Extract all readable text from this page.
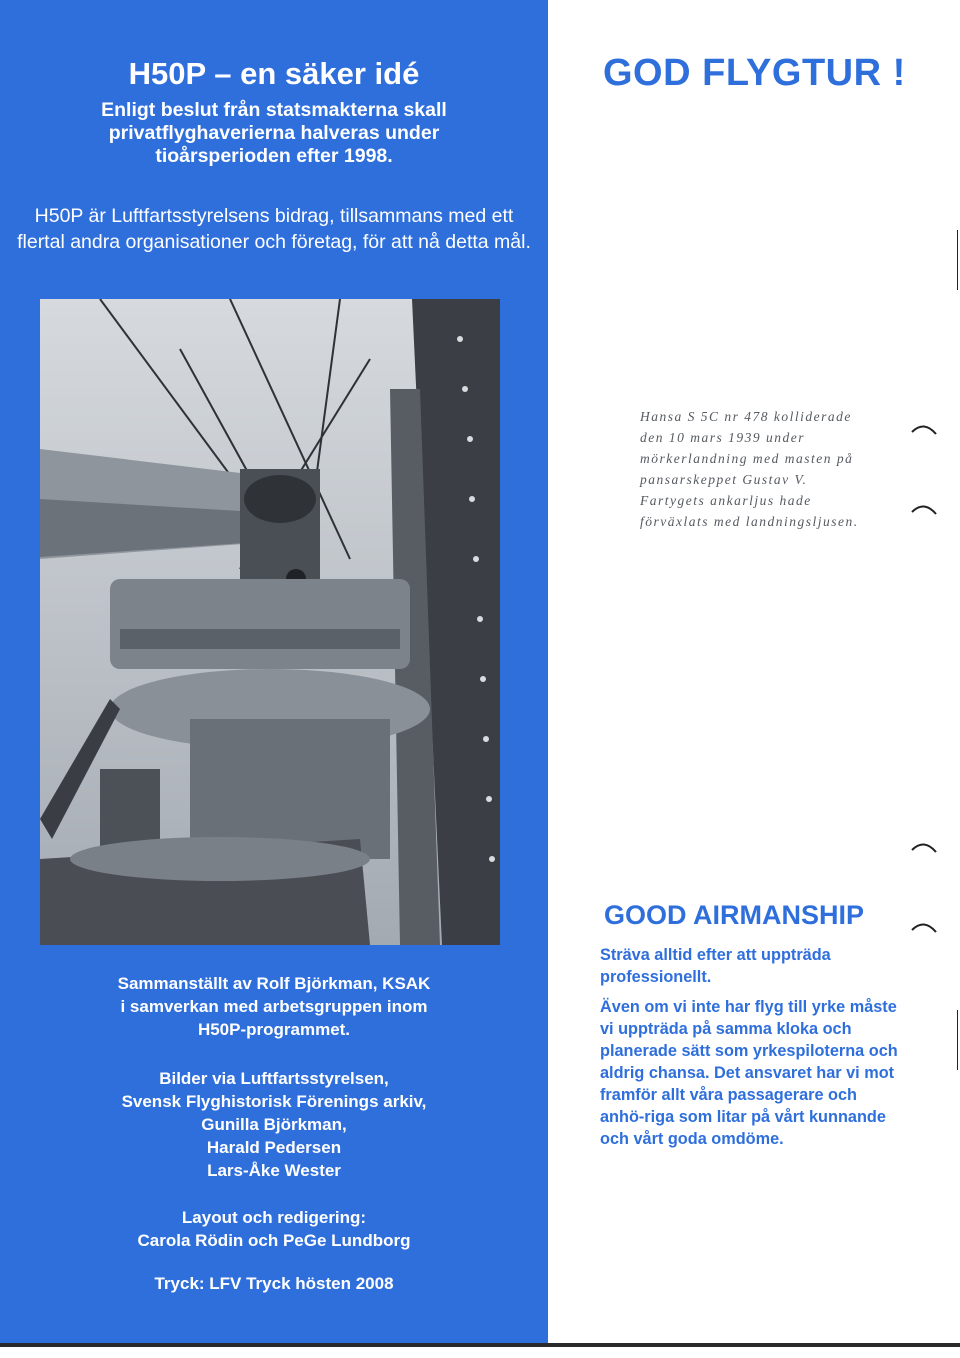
H50P – en säker idé
Enligt beslut från statsmakterna skall privatflyghaverierna halveras under tioårsperioden efter 1998.
H50P är Luftfartsstyrelsens bidrag, tillsammans med ett flertal andra organisationer och företag, för att nå detta mål.
Sammanställt av Rolf Björkman, KSAK
i samverkan med arbetsgruppen inom
H50P-programmet.
Bilder via Luftfartsstyrelsen,
Svensk Flyghistorisk Förenings arkiv,
Gunilla Björkman,
Harald Pedersen
Lars-Åke Wester
Layout och redigering:
Carola Rödin och PeGe Lundborg
Tryck: LFV Tryck hösten 2008
GOD FLYGTUR !
Hansa S 5C nr 478 kolliderade den 10 mars 1939 under mörkerlandning med masten på pansarskeppet Gustav V. Fartygets ankarljus hade förväxlats med landningsljusen.
GOOD AIRMANSHIP

Sträva alltid efter att uppträda professionellt.

Även om vi inte har flyg till yrke måste vi uppträda på samma kloka och planerade sätt som yrkespiloterna och aldrig chansa. Det ansvaret har vi mot framför allt våra passagerare och anhö-riga som litar på vårt kunnande och vårt goda omdöme.
